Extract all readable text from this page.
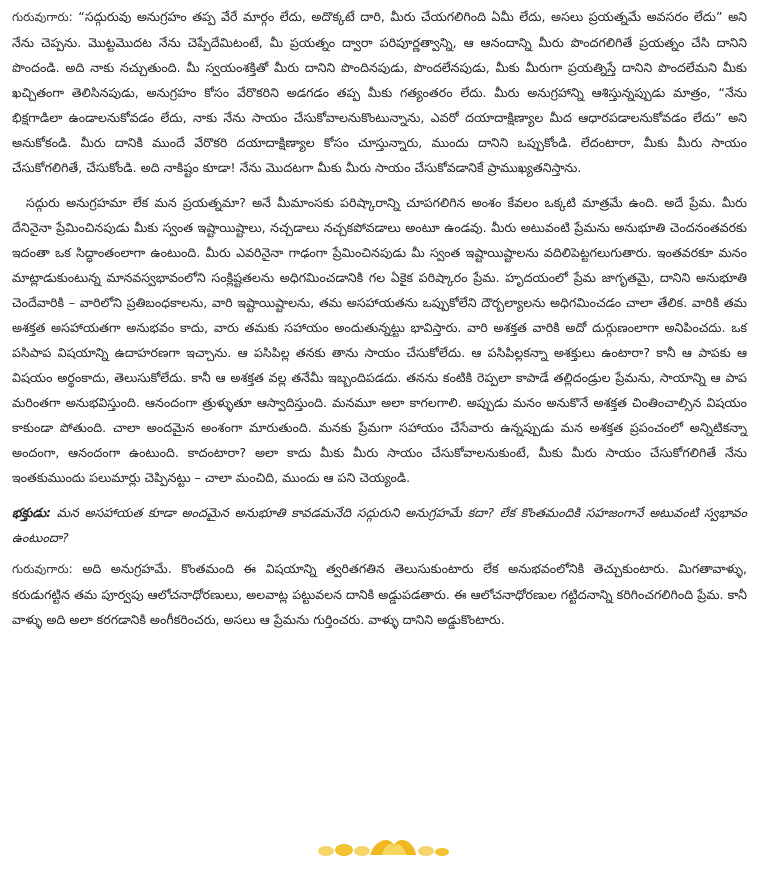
గురువుగారు: “సద్గురువు అనుగ్రహం తప్ప వేరే మార్గం లేదు, అదొక్కటే దారి, మీరు చేయగలిగింది ఏమీ లేదు, అసలు ప్రయత్నమే అవసరం లేదు” అని నేను చెప్పను. మొట్టమొదట నేను చెప్పేదేమిటంటే, మీ ప్రయత్నం ద్వారా పరిపూర్ణత్వాన్ని, ఆ ఆనందాన్ని మీరు పొందగలిగితే ప్రయత్నం చేసి దానిని పొందండి. అది నాకు నచ్చుతుంది. మీ స్వయంశక్తితో మీరు దానిని పొందినపుడు, పొందలేనపుడు, మీకు మీరుగా ప్రయత్నిస్తే దానిని పొందలేమని మీకు ఖచ్చితంగా తెలిసినపుడు, అనుగ్రహం కోసం వేరొకరిని అడగడం తప్ప మీకు గత్యంతరం లేదు. మీరు అనుగ్రహాన్ని ఆశిస్తున్నప్పుడు మాత్రం, “నేను భిక్షగాడిలా ఉండాలనుకోవడం లేదు, నాకు నేను సాయం చేసుకోవాలనుకొంటున్నాను, ఎవరో దయాదాక్షిణ్యాల మీద ఆధారపడాలనుకోవడం లేదు” అని అనుకోకండి. మీరు దానికి ముందే వేరొకరి దయాదాక్షిణ్యాల కోసం చూస్తున్నారు, ముందు దానిని ఒప్పుకోండి. లేదంటారా, మీకు మీరు సాయం చేసుకోగలిగితే, చేసుకోండి. అది నాకిష్టం కూడా! నేను మొదటగా మీకు మీరు సాయం చేసుకోవడానికే ప్రాముఖ్యతనిస్తాను.

సద్గురు అనుగ్రహమా లేక మన ప్రయత్నమా? అనే మీమాంసకు పరిష్కారాన్ని చూపగలిగిన అంశం కేవలం ఒక్కటి మాత్రమే ఉంది. అదే ప్రేమ. మీరు దేనినైనా ప్రేమించినపుడు మీకు స్వంత ఇష్టాయిష్టాలు, నచ్చడాలు నచ్చకపోవడాలు అంటూ ఉండవు. మీరు అటువంటి ప్రేమను అనుభూతి చెందనంతవరకు ఇదంతా ఒక సిద్ధాంతంలాగా ఉంటుంది. మీరు ఎవరినైనా గాఢంగా ప్రేమించినపుడు మీ స్వంత ఇష్టాయిష్టాలను వదిలిపెట్టగలుగుతారు. ఇంతవరకూ మనం మాట్లాడుకుంటున్న మానవస్వభావంలోని సంక్లిష్టతలను అధిగమించడానికి గల ఏకైక పరిష్కారం ప్రేమ. హృదయంలో ప్రేమ జాగృతమై, దానిని అనుభూతి చెందేవారికి – వారిలోని ప్రతిబంధకాలను, వారి ఇష్టాయిష్టాలను, తమ అసహాయతను ఒప్పుకోలేని దౌర్బల్యాలను అధిగమించడం చాలా తేలిక. వారికి తమ అశక్తత అసహాయతగా అనుభవం కాదు, వారు తమకు సహాయం అందుతున్నట్టు భావిస్తారు. వారి అశక్తత వారికి అదో దుర్గుణంలాగా అనిపించదు. ఒక పసిపాప విషయాన్ని ఉదాహరణగా ఇచ్చాను. ఆ పసిపిల్ల తనకు తాను సాయం చేసుకోలేదు. ఆ పసిపిల్లకన్నా అశక్తులు ఉంటారా? కానీ ఆ పాపకు ఆ విషయం అర్థంకాదు, తెలుసుకోలేదు. కానీ ఆ అశక్తత వల్ల తనేమీ ఇబ్బందిపడదు. తనను కంటికి రెప్పలా కాపాడే తల్లిదండ్రుల ప్రేమను, సాయాన్ని ఆ పాప మరింతగా అనుభవిస్తుంది. ఆనందంగా త్రుళ్ళుతూ ఆస్వాదిస్తుంది. మనమూ అలా కాగలగాలి. అప్పుడు మనం అనుకొనే అశక్తత చింతించాల్సిన విషయం కాకుండా పోతుంది. చాలా అందమైన అంశంగా మారుతుంది. మనకు ప్రేమగా సహాయం చేసేవారు ఉన్నప్పుడు మన అశక్తత ప్రపంచంలో అన్నిటికన్నా అందంగా, ఆనందంగా ఉంటుంది. కాదంటారా? అలా కాదు మీకు మీరు సాయం చేసుకోవాలనుకుంటే, మీకు మీరు సాయం చేసుకోగలిగితే నేను ఇంతకుముందు పలుమార్లు చెప్పినట్టు – చాలా మంచిది, ముందు ఆ పని చెయ్యండి.

భక్తుడు: మన అసహాయత కూడా అందమైన అనుభూతి కావడమనేది సద్గురుని అనుగ్రహమే కదా? లేక కొంతమందికి సహజంగానే అటువంటి స్వభావం ఉంటుందా?

గురువుగారు: అది అనుగ్రహమే. కొంతమంది ఈ విషయాన్ని త్వరితగతిన తెలుసుకుంటారు లేక అనుభవంలోనికి తెచ్చుకుంటారు. మిగతావాళ్ళు, కరుడుగట్టిన తమ పూర్వపు ఆలోచనాధోరణులు, అలవాట్ల పట్టువలన దానికి అడ్డుపడతారు. ఈ ఆలోచనాధోరణుల గట్టిదనాన్ని కరిగించగలిగింది ప్రేమ. కానీ వాళ్ళు అది అలా కరగడానికి అంగీకరించరు, అసలు ఆ ప్రేమను గుర్తించరు. వాళ్ళు దానిని అడ్డుకొంటారు.
